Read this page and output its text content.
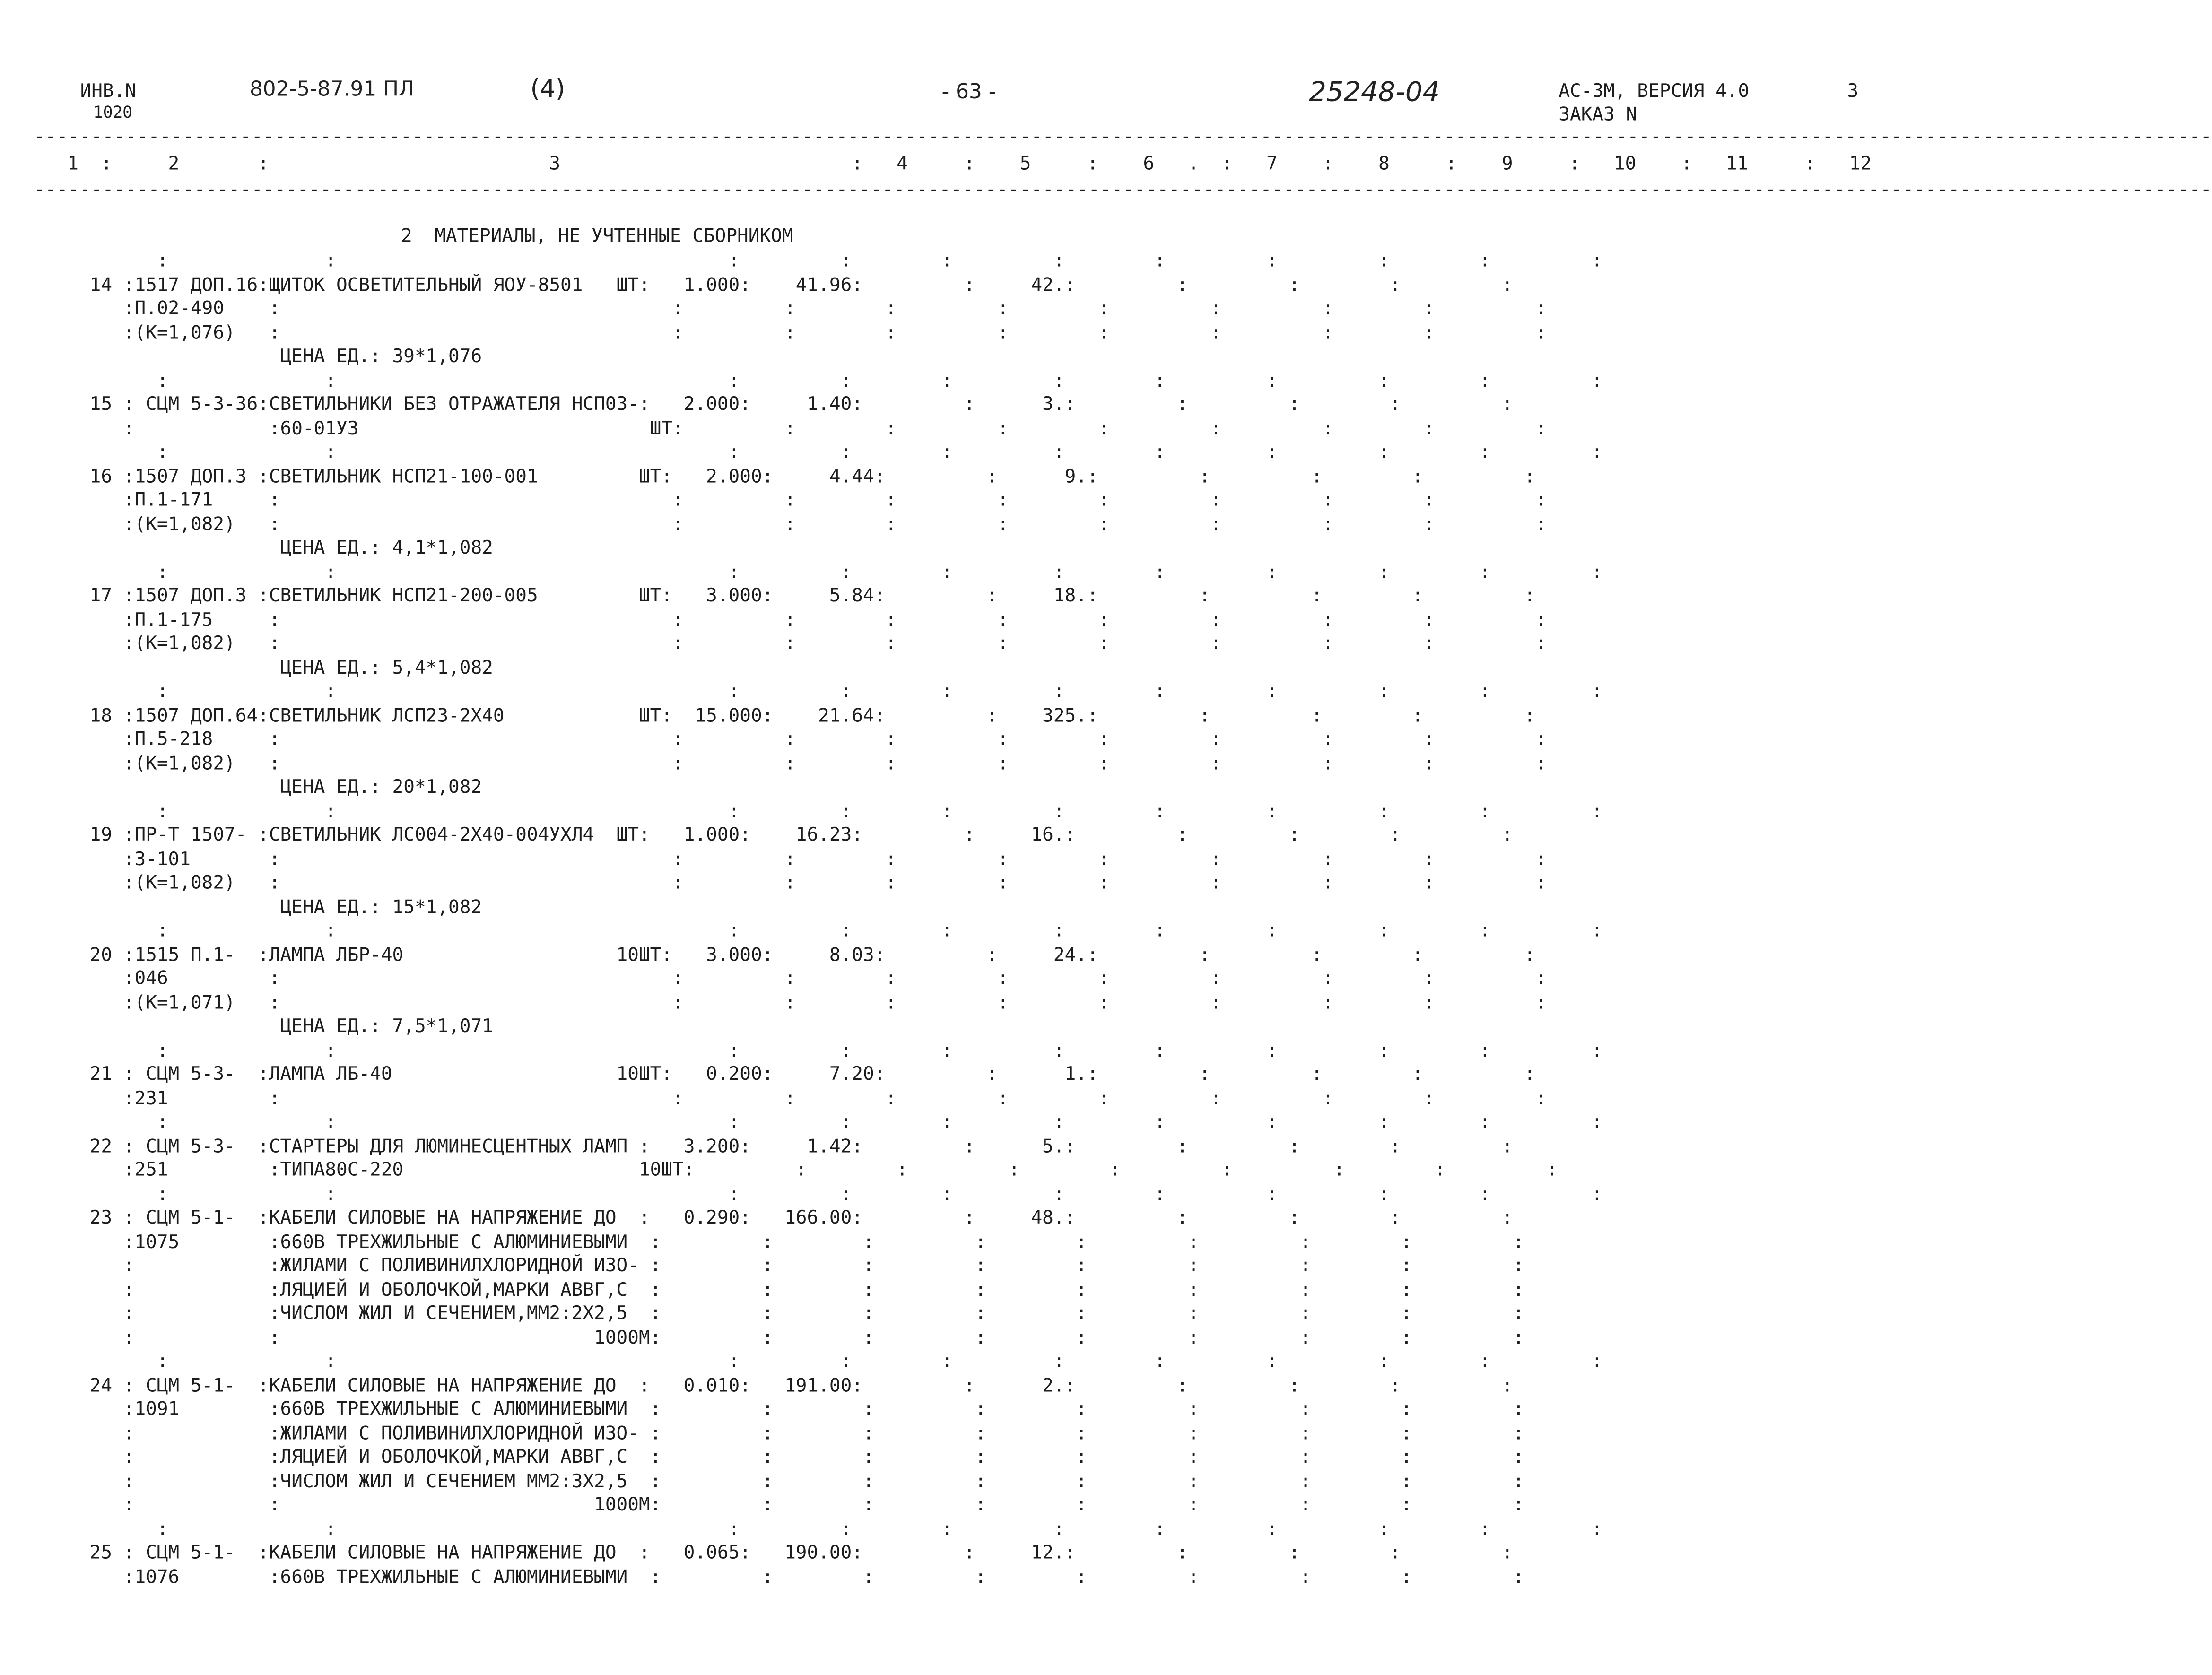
ИНВ.N
1020
802-5-87.91 ПЛ	(4)	- 63 -	25248-04	АС-3М, ВЕРСИЯ 4.0	3
ЗАКАЗ N
----------------------------------------------------------------------------------------------------------------------------------------------------------------------------------------------
1  :     2       :                         3                          :   4     :    5     :    6   .  :   7    :    8     :    9     :   10    :   11     :   12
----------------------------------------------------------------------------------------------------------------------------------------------------------------------------------------------
2  МАТЕРИАЛЫ, НЕ УЧТЕННЫЕ СБОРНИКОМ
:              :                                   :         :        :         :        :         :         :        :         :
14 :1517 ДОП.16:ЩИТОК ОСВЕТИТЕЛЬНЫЙ ЯОУ-8501   ШТ:   1.000:    41.96:         :     42.:         :         :        :         :
:П.02-490    :                                   :         :        :         :        :         :         :        :         :
:(К=1,076)   :                                   :         :        :         :        :         :         :        :         :
ЦЕНА ЕД.: 39*1,076
:              :                                   :         :        :         :        :         :         :        :         :
15 : СЦМ 5-3-36:СВЕТИЛЬНИКИ БЕЗ ОТРАЖАТЕЛЯ НСП03-:   2.000:     1.40:         :      3.:         :         :        :         :
:            :60-01У3                          ШТ:         :        :         :        :         :         :        :         :
:              :                                   :         :        :         :        :         :         :        :         :
16 :1507 ДОП.3 :СВЕТИЛЬНИК НСП21-100-001         ШТ:   2.000:     4.44:         :      9.:         :         :        :         :
:П.1-171     :                                   :         :        :         :        :         :         :        :         :
:(К=1,082)   :                                   :         :        :         :        :         :         :        :         :
ЦЕНА ЕД.: 4,1*1,082
:              :                                   :         :        :         :        :         :         :        :         :
17 :1507 ДОП.3 :СВЕТИЛЬНИК НСП21-200-005         ШТ:   3.000:     5.84:         :     18.:         :         :        :         :
:П.1-175     :                                   :         :        :         :        :         :         :        :         :
:(К=1,082)   :                                   :         :        :         :        :         :         :        :         :
ЦЕНА ЕД.: 5,4*1,082
:              :                                   :         :        :         :        :         :         :        :         :
18 :1507 ДОП.64:СВЕТИЛЬНИК ЛСП23-2Х40            ШТ:  15.000:    21.64:         :    325.:         :         :        :         :
:П.5-218     :                                   :         :        :         :        :         :         :        :         :
:(К=1,082)   :                                   :         :        :         :        :         :         :        :         :
ЦЕНА ЕД.: 20*1,082
:              :                                   :         :        :         :        :         :         :        :         :
19 :ПР-Т 1507- :СВЕТИЛЬНИК ЛС004-2Х40-004УХЛ4  ШТ:   1.000:    16.23:         :     16.:         :         :        :         :
:3-101       :                                   :         :        :         :        :         :         :        :         :
:(К=1,082)   :                                   :         :        :         :        :         :         :        :         :
ЦЕНА ЕД.: 15*1,082
:              :                                   :         :        :         :        :         :         :        :         :
20 :1515 П.1-  :ЛАМПА ЛБР-40                   10ШТ:   3.000:     8.03:         :     24.:         :         :        :         :
:046         :                                   :         :        :         :        :         :         :        :         :
:(К=1,071)   :                                   :         :        :         :        :         :         :        :         :
ЦЕНА ЕД.: 7,5*1,071
:              :                                   :         :        :         :        :         :         :        :         :
21 : СЦМ 5-3-  :ЛАМПА ЛБ-40                    10ШТ:   0.200:     7.20:         :      1.:         :         :        :         :
:231         :                                   :         :        :         :        :         :         :        :         :
:              :                                   :         :        :         :        :         :         :        :         :
22 : СЦМ 5-3-  :СТАРТЕРЫ ДЛЯ ЛЮМИНЕСЦЕНТНЫХ ЛАМП :   3.200:     1.42:         :      5.:         :         :        :         :
:251         :ТИПА80С-220                     10ШТ:         :        :         :        :         :         :        :         :
:              :                                   :         :        :         :        :         :         :        :         :
23 : СЦМ 5-1-  :КАБЕЛИ СИЛОВЫЕ НА НАПРЯЖЕНИЕ ДО  :   0.290:   166.00:         :     48.:         :         :        :         :
:1075        :660В ТРЕХЖИЛЬНЫЕ С АЛЮМИНИЕВЫМИ  :         :        :         :        :         :         :        :         :
:            :ЖИЛАМИ С ПОЛИВИНИЛХЛОРИДНОЙ ИЗО- :         :        :         :        :         :         :        :         :
:            :ЛЯЦИЕЙ И ОБОЛОЧКОЙ,МАРКИ АВВГ,С  :         :        :         :        :         :         :        :         :
:            :ЧИСЛОМ ЖИЛ И СЕЧЕНИЕМ,ММ2:2Х2,5  :         :        :         :        :         :         :        :         :
:            :                            1000М:         :        :         :        :         :         :        :         :
:              :                                   :         :        :         :        :         :         :        :         :
24 : СЦМ 5-1-  :КАБЕЛИ СИЛОВЫЕ НА НАПРЯЖЕНИЕ ДО  :   0.010:   191.00:         :      2.:         :         :        :         :
:1091        :660В ТРЕХЖИЛЬНЫЕ С АЛЮМИНИЕВЫМИ  :         :        :         :        :         :         :        :         :
:            :ЖИЛАМИ С ПОЛИВИНИЛХЛОРИДНОЙ ИЗО- :         :        :         :        :         :         :        :         :
:            :ЛЯЦИЕЙ И ОБОЛОЧКОЙ,МАРКИ АВВГ,С  :         :        :         :        :         :         :        :         :
:            :ЧИСЛОМ ЖИЛ И СЕЧЕНИЕМ ММ2:3Х2,5  :         :        :         :        :         :         :        :         :
:            :                            1000М:         :        :         :        :         :         :        :         :
:              :                                   :         :        :         :        :         :         :        :         :
25 : СЦМ 5-1-  :КАБЕЛИ СИЛОВЫЕ НА НАПРЯЖЕНИЕ ДО  :   0.065:   190.00:         :     12.:         :         :        :         :
:1076        :660В ТРЕХЖИЛЬНЫЕ С АЛЮМИНИЕВЫМИ  :         :        :         :        :         :         :        :         :
